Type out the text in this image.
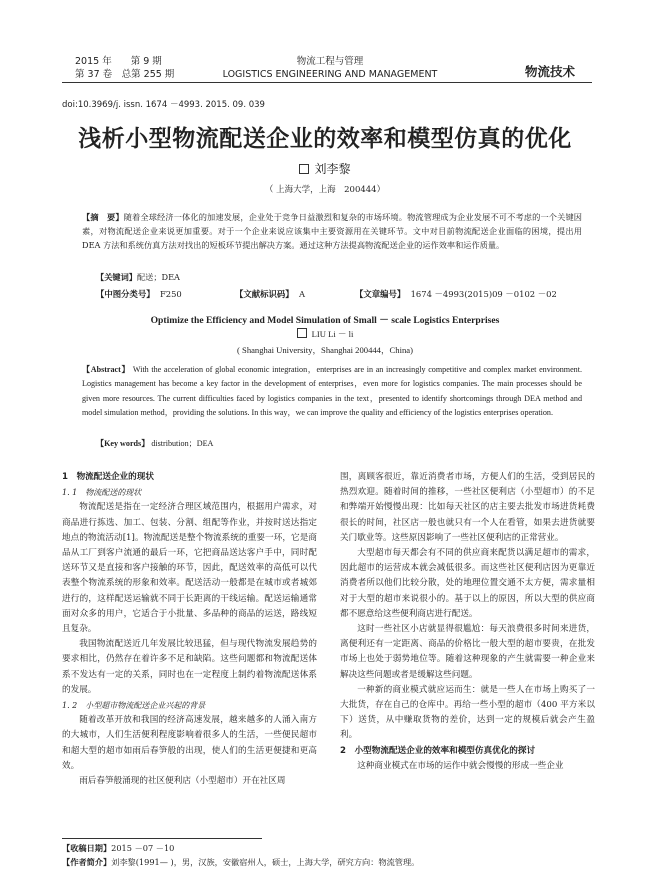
2015 年　　第 9 期
第 37 卷　总第 255 期
物流工程与管理
LOGISTICS ENGINEERING AND MANAGEMENT	物流技术
doi:10.3969/j. issn. 1674 －4993. 2015. 09. 039
浅析小型物流配送企业的效率和模型仿真的优化
刘李黎
（ 上海大学，上海　200444）
【摘　要】随着全球经济一体化的加速发展，企业处于竞争日益激烈和复杂的市场环境。物流管理成为企业发展不可不考虑的一个关键因素，对物流配送企业来说更加重要。对于一个企业来说应该集中主要资源用在关键环节。文中对目前物流配送企业面临的困境，提出用 DEA 方法和系统仿真方法对找出的短板环节提出解决方案。通过这种方法提高物流配送企业的运作效率和运作质量。
【关键词】配送；DEA
【中图分类号】 F250	【文献标识码】 A	【文章编号】 1674 －4993(2015)09 －0102 －02
Optimize the Efficiency and Model Simulation of Small － scale Logistics Enterprises
LIU Li － li
( Shanghai University，Shanghai 200444，China)
【Abstract】 With the acceleration of global economic integration，enterprises are in an increasingly competitive and complex market environment. Logistics management has become a key factor in the development of enterprises，even more for logistics companies. The main processes should be given more resources. The current difficulties faced by logistics companies in the text，presented to identify shortcomings through DEA method and model simulation method，providing the solutions. In this way，we can improve the quality and efficiency of the logistics enterprises operation.
【Key words】 distribution；DEA

1　物流配送企业的现状

1. 1　物流配送的现状

物流配送是指在一定经济合理区域范围内，根据用户需求，对商品进行拣选、加工、包装、分割、组配等作业，并按时送达指定地点的物流活动[1]。物流配送是整个物流系统的重要一环，它是商品从工厂到客户流通的最后一环，它把商品送达客户手中，同时配送环节又是直接和客户接触的环节，因此，配送效率的高低可以代表整个物流系统的形象和效率。配送活动一般都是在城市或者城郊进行的，这样配送运输就不同于长距离的干线运输。配送运输通常面对众多的用户，它适合于小批量、多品种的商品的运送，路线短且复杂。

我国物流配送近几年发展比较迅猛，但与现代物流发展趋势的要求相比，仍然存在着许多不足和缺陷。这些问题都和物流配送体系不发达有一定的关系，同时也在一定程度上制约着物流配送体系的发展。

1. 2　小型超市物流配送企业兴起的背景

随着改革开放和我国的经济高速发展，越来越多的人涌入南方的大城市，人们生活便利程度影响着很多人的生活，一些便民超市和超大型的超市如雨后春笋般的出现，使人们的生活更便捷和更高效。

雨后春笋般涌现的社区便利店（小型超市）开在社区周

围，离顾客很近，靠近消费者市场，方便人们的生活，受到居民的热烈欢迎。随着时间的推移，一些社区便利店（小型超市）的不足和弊端开始慢慢出现：比如每天社区的店主要去批发市场进货耗费很长的时间，社区店一般也就只有一个人在看管，如果去进货就要关门歇业等。这些原因影响了一些社区便利店的正常营业。

大型超市每天都会有不同的供应商来配货以满足超市的需求，因此超市的运营成本就会减低很多。而这些社区便利店因为更靠近消费者所以他们比较分散，处的地理位置交通不太方便，需求量相对于大型的超市来说很小的。基于以上的原因，所以大型的供应商都不愿意给这些便利商店进行配送。

这时一些社区小店就显得很尴尬：每天浪费很多时间来进货，离便利还有一定距离、商品的价格比一般大型的超市要贵，在批发市场上也处于弱势地位等。随着这种现象的产生就需要一种企业来解决这些问题或者是缓解这些问题。

一种新的商业模式就应运而生：就是一些人在市场上购买了一大批货，存在自己的仓库中。再给一些小型的超市（400 平方米以下）送货，从中赚取货物的差价，达到一定的规模后就会产生盈利。

2　小型物流配送企业的效率和模型仿真优化的探讨

这种商业模式在市场的运作中就会慢慢的形成一些企业

【收稿日期】2015 －07 －10
【作者简介】刘李黎(1991— )，男，汉族，安徽宿州人，硕士，上海大学，研究方向：物流管理。
